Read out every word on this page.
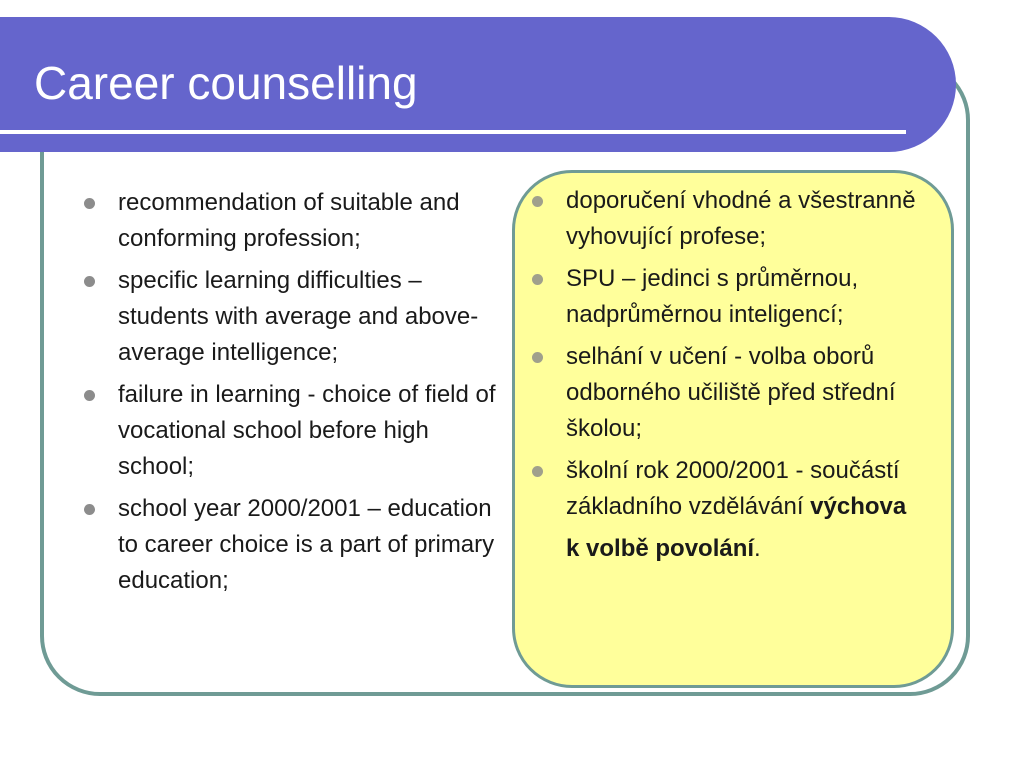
Career counselling
recommendation of suitable and conforming profession;
specific learning difficulties – students with average and above-average intelligence;
failure in learning - choice of field of vocational school before high school;
school year 2000/2001 – education to career choice is a part of primary education;
doporučení vhodné a všestranně vyhovující profese;
SPU – jedinci s průměrnou, nadprůměrnou inteligencí;
selhání v učení - volba oborů odborného učiliště před střední školou;
školní rok 2000/2001 - součástí základního vzdělávání výchova
k volbě povolání.
